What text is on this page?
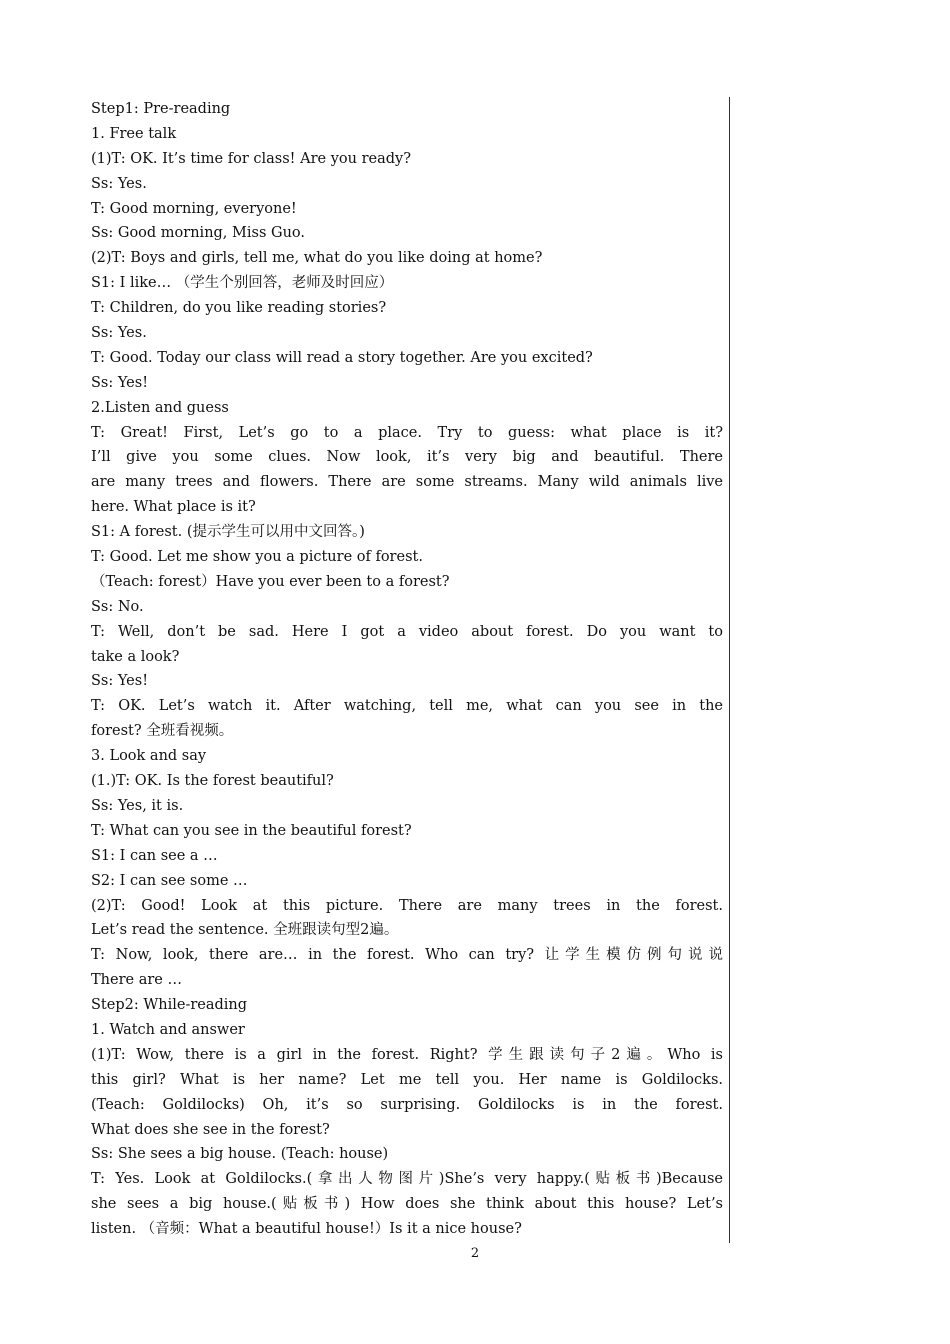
Step1: Pre-reading
1. Free talk
(1)T: OK. It’s time for class! Are you ready?
Ss: Yes.
T: Good morning, everyone!
Ss: Good morning, Miss Guo.
(2)T: Boys and girls, tell me, what do you like doing at home?
S1: I like… （学生个别回答，老师及时回应）
T: Children, do you like reading stories?
Ss: Yes.
T: Good. Today our class will read a story together. Are you excited?
Ss: Yes!
2.Listen and guess
T: Great! First, Let’s go to a place. Try to guess: what place is it?
I’ll give you some clues. Now look, it’s very big and beautiful. There
are many trees and flowers. There are some streams. Many wild animals live
here. What place is it?
S1: A forest. (提示学生可以用中文回答。)
T: Good. Let me show you a picture of forest.
（Teach: forest）Have you ever been to a forest?
Ss: No.
T: Well, don’t be sad. Here I got a video about forest. Do you want to
take a look?
Ss: Yes!
T: OK. Let’s watch it. After watching, tell me, what can you see in the
forest? 全班看视频。
3. Look and say
(1.)T: OK. Is the forest beautiful?
Ss: Yes, it is.
T: What can you see in the beautiful forest?
S1: I can see a …
S2: I can see some …
(2)T: Good! Look at this picture. There are many trees in the forest.
Let’s read the sentence. 全班跟读句型2遍。
T: Now, look, there are… in the forest. Who can try? 让学生模仿例句说说
There are …
Step2: While-reading
1. Watch and answer
(1)T: Wow, there is a girl in the forest. Right? 学生跟读句子2遍。Who is
this girl? What is her name? Let me tell you. Her name is Goldilocks.
(Teach: Goldilocks) Oh, it’s so surprising. Goldilocks is in the forest.
What does she see in the forest?
Ss: She sees a big house. (Teach: house)
T: Yes. Look at Goldilocks.(拿出人物图片)She’s very happy.(贴板书)Because
she sees a big house.(贴板书) How does she think about this house? Let’s
listen. （音频：What a beautiful house!）Is it a nice house?
2
